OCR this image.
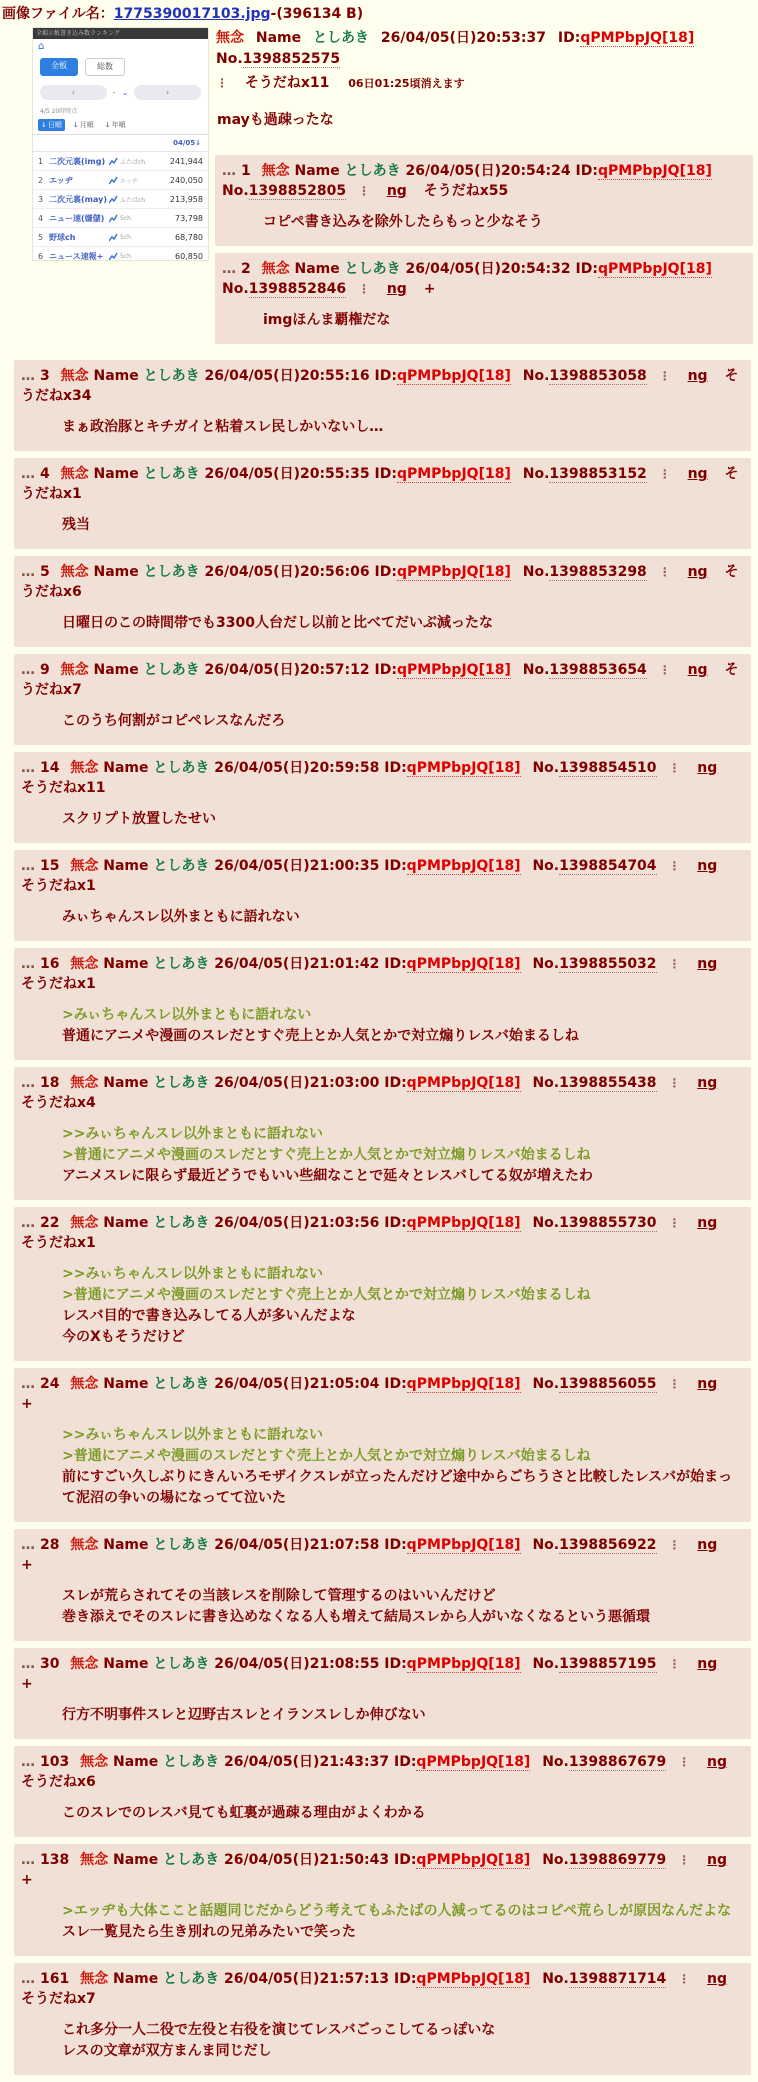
画像ファイル名：1775390017103.jpg-(396134 B)
全掲示板書き込み数ランキング
⌂
全板	総数
‹	- ⌄	›
4/5 20時時点
↓ 日順 ↓ 月順 ↓ 年順
04/05↓
1 二次元裏(img)	ふたばch	241,944
2 エッヂ	エッヂ	240,050
3 二次元裏(may)	ふたばch	213,958
4 ニュー速(嫌儲)	5ch	73,798
5 野球ch	5ch	68,780
6 ニュース速報+	5ch	60,850
無念 Name としあき 26/04/05(日)20:53:37 ID:qPMPbpJQ[18] No.1398852575
⋮ そうだねx11 06日01:25頃消えます
mayも過疎ったな
… 1 無念 Name としあき 26/04/05(日)20:54:24 ID:qPMPbpJQ[18] No.1398852805 ⋮ ng そうだねx55
コピペ書き込みを除外したらもっと少なそう
… 2 無念 Name としあき 26/04/05(日)20:54:32 ID:qPMPbpJQ[18] No.1398852846 ⋮ ng +
imgほんま覇権だな
… 3 無念 Name としあき 26/04/05(日)20:55:16 ID:qPMPbpJQ[18] No.1398853058 ⋮ ng そうだねx34
まぁ政治豚とキチガイと粘着スレ民しかいないし…
… 4 無念 Name としあき 26/04/05(日)20:55:35 ID:qPMPbpJQ[18] No.1398853152 ⋮ ng そうだねx1
残当
… 5 無念 Name としあき 26/04/05(日)20:56:06 ID:qPMPbpJQ[18] No.1398853298 ⋮ ng そうだねx6
日曜日のこの時間帯でも3300人台だし以前と比べてだいぶ減ったな
… 9 無念 Name としあき 26/04/05(日)20:57:12 ID:qPMPbpJQ[18] No.1398853654 ⋮ ng そうだねx7
このうち何割がコピペレスなんだろ
… 14 無念 Name としあき 26/04/05(日)20:59:58 ID:qPMPbpJQ[18] No.1398854510 ⋮ ng そうだねx11
スクリプト放置したせい
… 15 無念 Name としあき 26/04/05(日)21:00:35 ID:qPMPbpJQ[18] No.1398854704 ⋮ ng そうだねx1
みぃちゃんスレ以外まともに語れない
… 16 無念 Name としあき 26/04/05(日)21:01:42 ID:qPMPbpJQ[18] No.1398855032 ⋮ ng そうだねx1
>みぃちゃんスレ以外まともに語れない
普通にアニメや漫画のスレだとすぐ売上とか人気とかで対立煽りレスバ始まるしね
… 18 無念 Name としあき 26/04/05(日)21:03:00 ID:qPMPbpJQ[18] No.1398855438 ⋮ ng そうだねx4
>>みぃちゃんスレ以外まともに語れない
>普通にアニメや漫画のスレだとすぐ売上とか人気とかで対立煽りレスバ始まるしね
アニメスレに限らず最近どうでもいい些細なことで延々とレスバしてる奴が増えたわ
… 22 無念 Name としあき 26/04/05(日)21:03:56 ID:qPMPbpJQ[18] No.1398855730 ⋮ ng そうだねx1
>>みぃちゃんスレ以外まともに語れない
>普通にアニメや漫画のスレだとすぐ売上とか人気とかで対立煽りレスバ始まるしね
レスバ目的で書き込みしてる人が多いんだよな
今のXもそうだけど
… 24 無念 Name としあき 26/04/05(日)21:05:04 ID:qPMPbpJQ[18] No.1398856055 ⋮ ng +
>>みぃちゃんスレ以外まともに語れない
>普通にアニメや漫画のスレだとすぐ売上とか人気とかで対立煽りレスバ始まるしね
前にすごい久しぶりにきんいろモザイクスレが立ったんだけど途中からごちうさと比較したレスバが始まって泥沼の争いの場になってて泣いた
… 28 無念 Name としあき 26/04/05(日)21:07:58 ID:qPMPbpJQ[18] No.1398856922 ⋮ ng +
スレが荒らされてその当該レスを削除して管理するのはいいんだけど
巻き添えでそのスレに書き込めなくなる人も増えて結局スレから人がいなくなるという悪循環
… 30 無念 Name としあき 26/04/05(日)21:08:55 ID:qPMPbpJQ[18] No.1398857195 ⋮ ng +
行方不明事件スレと辺野古スレとイランスレしか伸びない
… 103 無念 Name としあき 26/04/05(日)21:43:37 ID:qPMPbpJQ[18] No.1398867679 ⋮ ng そうだねx6
このスレでのレスバ見ても虹裏が過疎る理由がよくわかる
… 138 無念 Name としあき 26/04/05(日)21:50:43 ID:qPMPbpJQ[18] No.1398869779 ⋮ ng +
>エッヂも大体ここと話題同じだからどう考えてもふたばの人減ってるのはコピペ荒らしが原因なんだよな
スレ一覧見たら生き別れの兄弟みたいで笑った
… 161 無念 Name としあき 26/04/05(日)21:57:13 ID:qPMPbpJQ[18] No.1398871714 ⋮ ng そうだねx7
これ多分一人二役で左役と右役を演じてレスバごっこしてるっぽいな
レスの文章が双方まんま同じだし
